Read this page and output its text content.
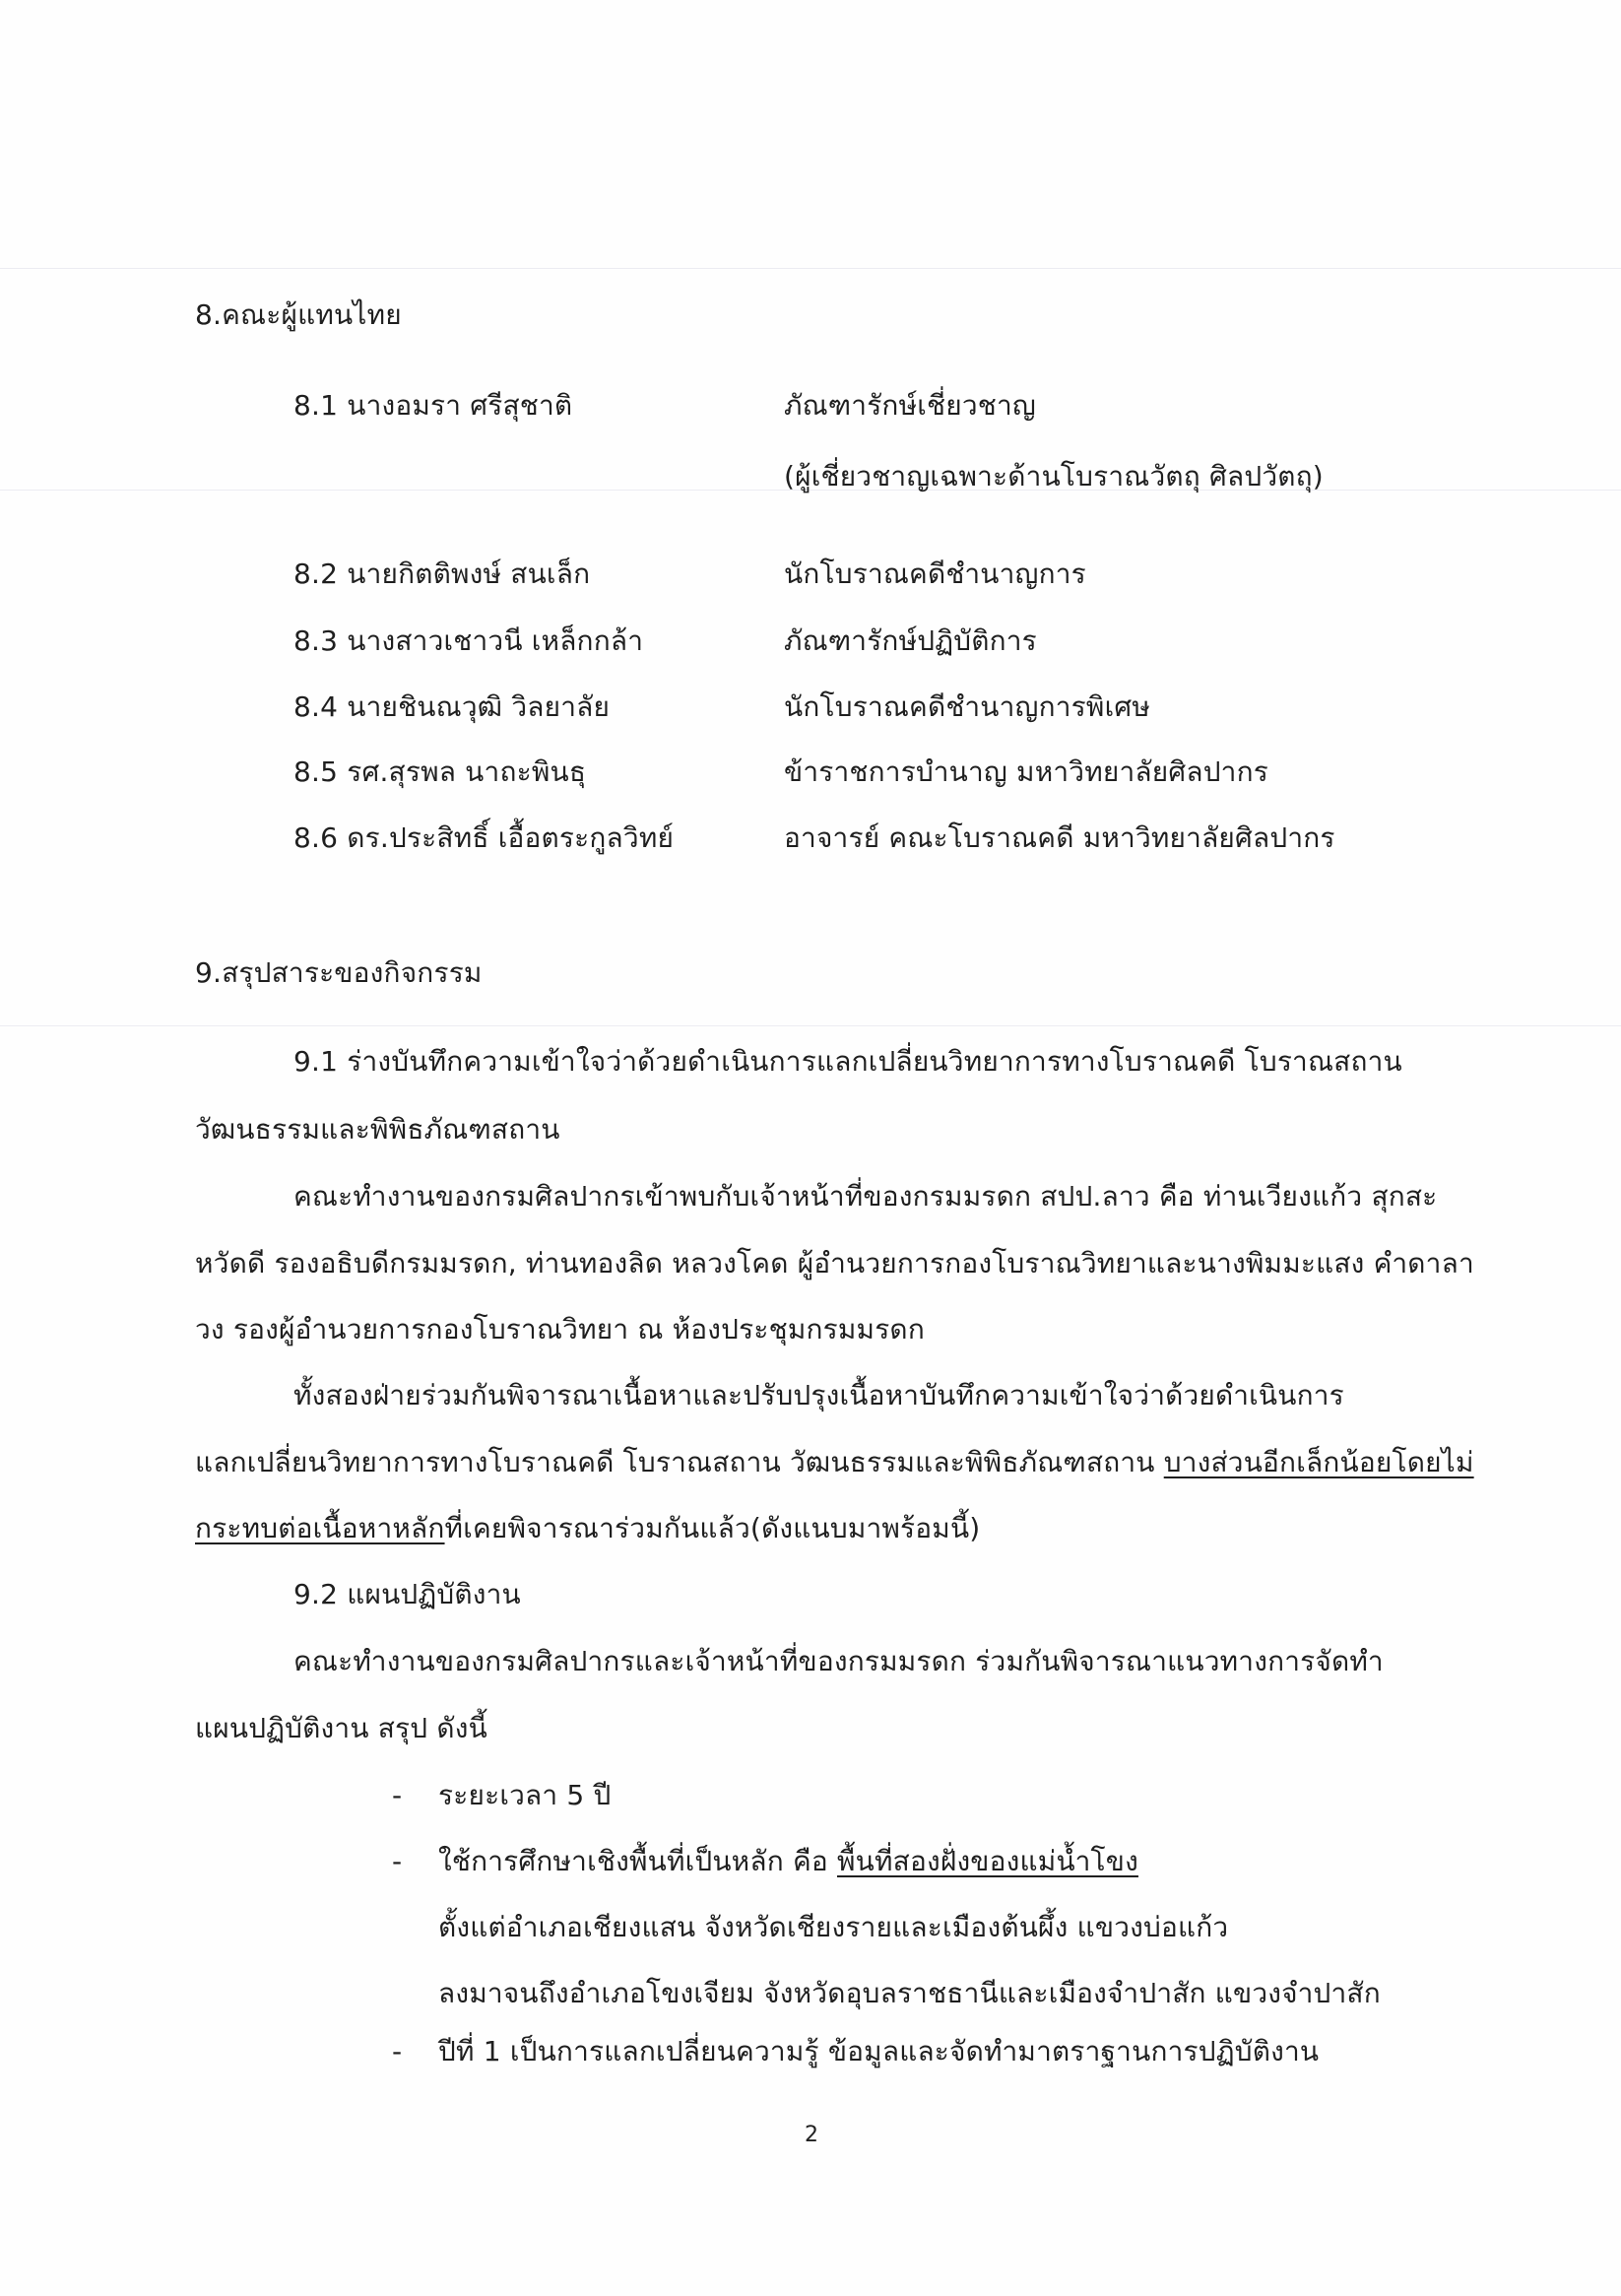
8.คณะผู้แทนไทย
8.1 นางอมรา ศรีสุชาติ	ภัณฑารักษ์เชี่ยวชาญ
(ผู้เชี่ยวชาญเฉพาะด้านโบราณวัตถุ ศิลปวัตถุ)
8.2 นายกิตติพงษ์ สนเล็ก	นักโบราณคดีชำนาญการ
8.3 นางสาวเชาวนี เหล็กกล้า	ภัณฑารักษ์ปฏิบัติการ
8.4 นายชินณวุฒิ วิลยาลัย	นักโบราณคดีชำนาญการพิเศษ
8.5 รศ.สุรพล นาถะพินธุ	ข้าราชการบำนาญ มหาวิทยาลัยศิลปากร
8.6 ดร.ประสิทธิ์ เอื้อตระกูลวิทย์	อาจารย์ คณะโบราณคดี มหาวิทยาลัยศิลปากร
9.สรุปสาระของกิจกรรม
9.1 ร่างบันทึกความเข้าใจว่าด้วยดำเนินการแลกเปลี่ยนวิทยาการทางโบราณคดี โบราณสถาน
วัฒนธรรมและพิพิธภัณฑสถาน
คณะทำงานของกรมศิลปากรเข้าพบกับเจ้าหน้าที่ของกรมมรดก สปป.ลาว คือ ท่านเวียงแก้ว สุกสะ
หวัดดี รองอธิบดีกรมมรดก, ท่านทองลิด หลวงโคด ผู้อำนวยการกองโบราณวิทยาและนางพิมมะแสง คำดาลา
วง รองผู้อำนวยการกองโบราณวิทยา ณ ห้องประชุมกรมมรดก
ทั้งสองฝ่ายร่วมกันพิจารณาเนื้อหาและปรับปรุงเนื้อหาบันทึกความเข้าใจว่าด้วยดำเนินการ
แลกเปลี่ยนวิทยาการทางโบราณคดี โบราณสถาน วัฒนธรรมและพิพิธภัณฑสถาน บางส่วนอีกเล็กน้อยโดยไม่
กระทบต่อเนื้อหาหลักที่เคยพิจารณาร่วมกันแล้ว(ดังแนบมาพร้อมนี้)
9.2 แผนปฏิบัติงาน
คณะทำงานของกรมศิลปากรและเจ้าหน้าที่ของกรมมรดก ร่วมกันพิจารณาแนวทางการจัดทำ
แผนปฏิบัติงาน สรุป ดังนี้
- ระยะเวลา 5 ปี
- ใช้การศึกษาเชิงพื้นที่เป็นหลัก คือ พื้นที่สองฝั่งของแม่น้ำโขง
ตั้งแต่อำเภอเชียงแสน จังหวัดเชียงรายและเมืองต้นผึ้ง แขวงบ่อแก้ว
ลงมาจนถึงอำเภอโขงเจียม จังหวัดอุบลราชธานีและเมืองจำปาสัก แขวงจำปาสัก
- ปีที่ 1 เป็นการแลกเปลี่ยนความรู้ ข้อมูลและจัดทำมาตราฐานการปฏิบัติงาน
2
